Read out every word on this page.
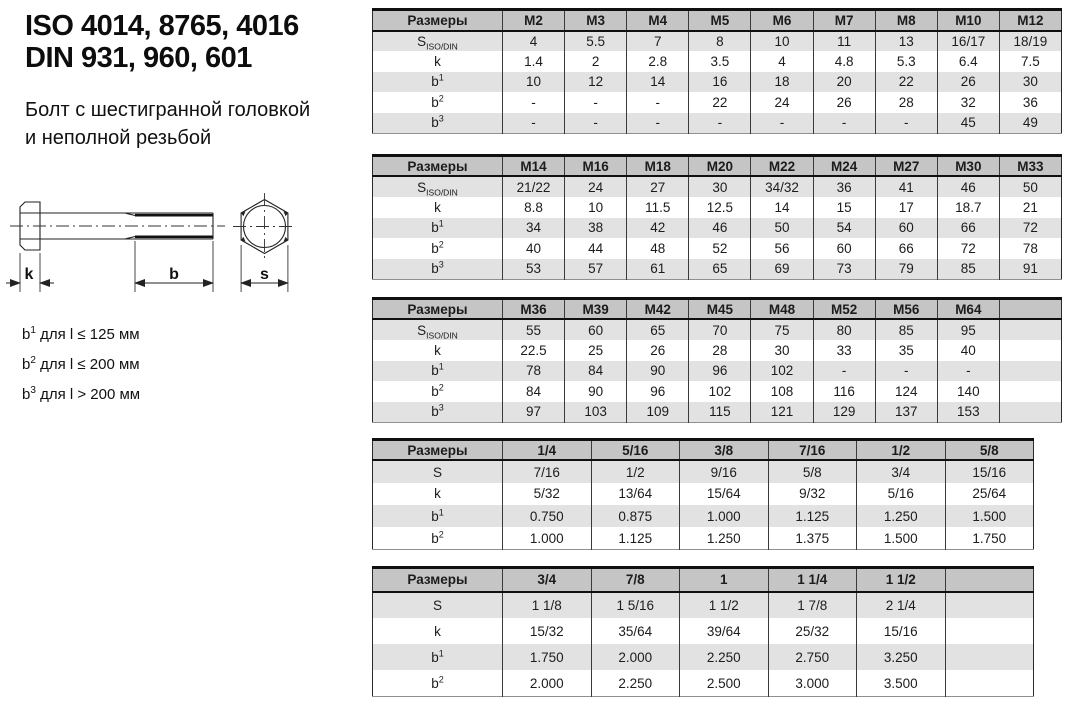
ISO 4014, 8765, 4016
DIN 931, 960, 601
Болт с шестигранной головкой
и неполной резьбой
k	b	s
$b^1$ для l ≤ 125 мм
$b^2$ для l ≤ 200 мм
$b^3$ для l > 200 мм
Размеры	M2	M3	M4	M5	M6	M7	M8	M10	M12
$S_{ISO/DIN}$	4	5.5	7	8	10	11	13	16/17	18/19
k	1.4	2	2.8	3.5	4	4.8	5.3	6.4	7.5
$b^1$	10	12	14	16	18	20	22	26	30
$b^2$	-	-	-	22	24	26	28	32	36
$b^3$	-	-	-	-	-	-	-	45	49
Размеры	M14	M16	M18	M20	M22	M24	M27	M30	M33
$S_{ISO/DIN}$	21/22	24	27	30	34/32	36	41	46	50
k	8.8	10	11.5	12.5	14	15	17	18.7	21
$b^1$	34	38	42	46	50	54	60	66	72
$b^2$	40	44	48	52	56	60	66	72	78
$b^3$	53	57	61	65	69	73	79	85	91
Размеры	M36	M39	M42	M45	M48	M52	M56	M64	
$S_{ISO/DIN}$	55	60	65	70	75	80	85	95	
k	22.5	25	26	28	30	33	35	40	
$b^1$	78	84	90	96	102	-	-	-	
$b^2$	84	90	96	102	108	116	124	140	
$b^3$	97	103	109	115	121	129	137	153	
Размеры	1/4	5/16	3/8	7/16	1/2	5/8
S	7/16	1/2	9/16	5/8	3/4	15/16
k	5/32	13/64	15/64	9/32	5/16	25/64
$b^1$	0.750	0.875	1.000	1.125	1.250	1.500
$b^2$	1.000	1.125	1.250	1.375	1.500	1.750
Размеры	3/4	7/8	1	1 1/4	1 1/2	
S	1 1/8	1 5/16	1 1/2	1 7/8	2 1/4	
k	15/32	35/64	39/64	25/32	15/16	
$b^1$	1.750	2.000	2.250	2.750	3.250	
$b^2$	2.000	2.250	2.500	3.000	3.500	
